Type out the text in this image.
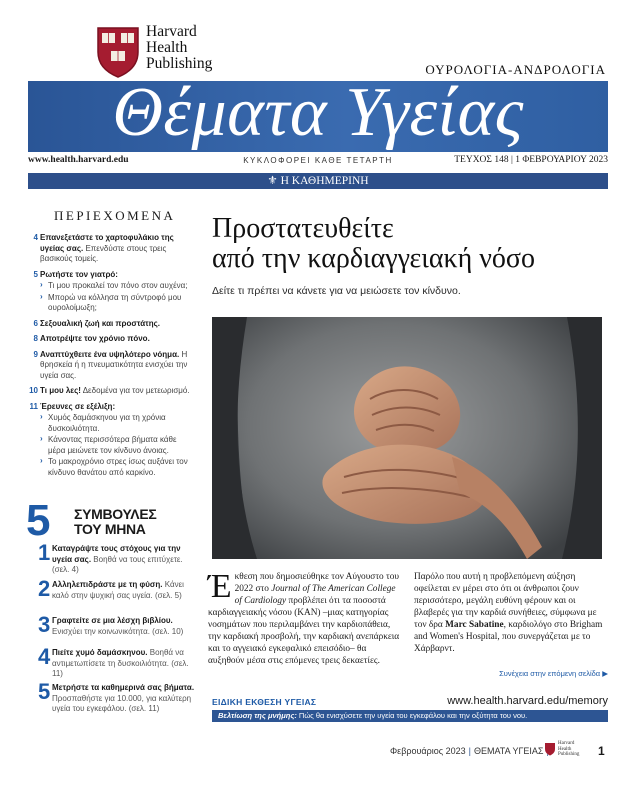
Harvard
Health
Publishing	ΟΥΡΟΛΟΓΙΑ-ΑΝΔΡΟΛΟΓΙΑ
Θέματα Υγείας
www.health.harvard.edu	ΚΥΚΛΟΦΟΡΕΙ ΚΑΘΕ ΤΕΤΑΡΤΗ	ΤΕΥΧΟΣ 148 | 1 ΦΕΒΡΟΥΑΡΙΟΥ 2023
⚜ Η ΚΑΘΗΜΕΡΙΝΗ
ΠΕΡΙΕΧΟΜΕΝΑ
4 Επανεξετάστε το χαρτοφυλάκιο της υγείας σας. Επενδύστε στους τρεις βασικούς τομείς.
5 Ρωτήστε τον γιατρό:
› Τι μου προκαλεί τον πόνο στον αυχένα;
› Μπορώ να κόλλησα τη σύντροφό μου ουρολοίμωξη;
6 Σεξουαλική ζωή και προστάτης.
8 Αποτρέψτε τον χρόνιο πόνο.
9 Αναπτύχθειτε ένα υψηλότερο νόημα. Η θρησκεία ή η πνευματικότητα ενισχύει την υγεία σας.
10 Τι μου λες! Δεδομένα για τον μετεωρισμό.
11 Έρευνες σε εξέλιξη:
› Χυμός δαμάσκηνου για τη χρόνια δυσκοιλιότητα.
› Κάνοντας περισσότερα βήματα κάθε μέρα μειώνετε τον κίνδυνο άνοιας.
› Το μακροχρόνιο στρες ίσως αυξάνει τον κίνδυνο θανάτου από καρκίνο.
5 ΣΥΜΒΟΥΛΕΣ
ΤΟΥ ΜΗΝΑ
1 Καταγράψτε τους στόχους για την υγεία σας. Βοηθά να τους επιτύχετε. (σελ. 4)
2 Αλληλεπιδράστε με τη φύση. Κάνει καλό στην ψυχική σας υγεία. (σελ. 5)
3 Γραφτείτε σε μια λέσχη βιβλίου. Ενισχύει την κοινωνικότητα. (σελ. 10)
4 Πιείτε χυμό δαμάσκηνου. Βοηθά να αντιμετωπίσετε τη δυσκοιλιότητα. (σελ. 11)
5 Μετρήστε τα καθημερινά σας βήματα. Προσπαθήστε για 10.000, για καλύτερη υγεία του εγκεφάλου. (σελ. 11)
Προστατευθείτε
από την καρδιαγγειακή νόσο
Δείτε τι πρέπει να κάνετε για να μειώσετε τον κίνδυνο.
Έκθεση που δημοσιεύθηκε τον Αύγουστο του 2022 στο Journal of The American College of Cardiology προβλέπει ότι τα ποσοστά καρδιαγγειακής νόσου (ΚΑΝ) –μιας κατηγορίας νοσημάτων που περιλαμβάνει την καρδιοπάθεια, την καρδιακή προσβολή, την καρδιακή ανεπάρκεια και το αγγειακό εγκεφαλικό επεισόδιο– θα αυξηθούν μέσα στις επόμενες τρεις δεκαετίες.
Παρόλο που αυτή η προβλεπόμενη αύξηση οφείλεται εν μέρει στο ότι οι άνθρωποι ζουν περισσότερο, μεγάλη ευθύνη φέρουν και οι βλαβερές για την καρδιά συνήθειες, σύμφωνα με τον δρα Marc Sabatine, καρδιολόγο στο Brigham and Women's Hospital, που συνεργάζεται με το Χάρβαρντ.
Συνέχεια στην επόμενη σελίδα ▶
ΕΙΔΙΚΗ ΕΚΘΕΣΗ ΥΓΕΙΑΣ	www.health.harvard.edu/memory
Βελτίωση της μνήμης: Πώς θα ενισχύσετε την υγεία του εγκεφάλου και την οξύτητα του νου.
Φεβρουάριος 2023 | ΘΕΜΑΤΑ ΥΓΕΙΑΣ
Harvard
Health
Publishing 1
